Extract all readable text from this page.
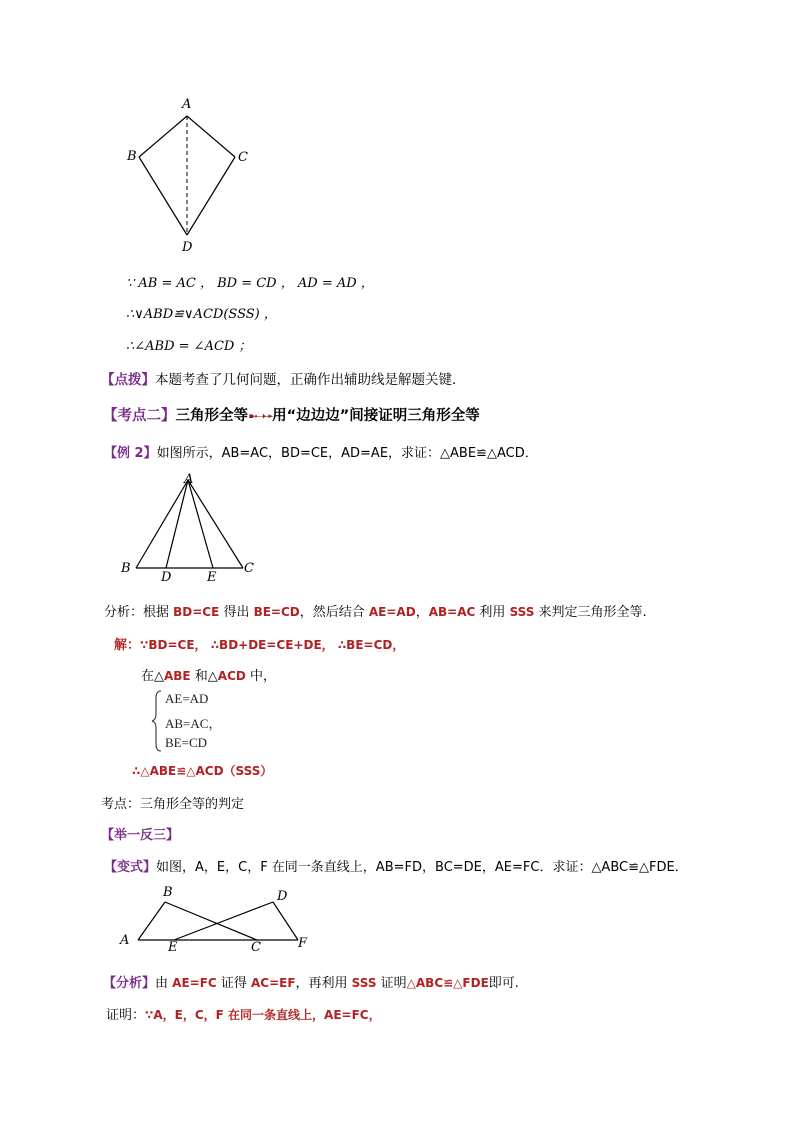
A
B	C
D
∵ AB = AC ， BD = CD ， AD = AD ，
∴∨ABD≌∨ACD(SSS) ，
∴∠ABD = ∠ACD ；
【点拨】本题考查了几何问题，正确作出辅助线是解题关键．
【考点二】三角形全等➼➝➛用“边边边”间接证明三角形全等
【例 2】如图所示，AB=AC，BD=CE，AD=AE，求证：△ABE≌△ACD．
A
B
D	E
C
分析：根据 BD=CE 得出 BE=CD，然后结合 AE=AD，AB=AC 利用 SSS 来判定三角形全等.
解：∵BD=CE， ∴BD+DE=CE+DE， ∴BE=CD，
在△ABE 和△ACD 中，
AE=AD
AB=AC，
BE=CD
∴△ABE≌△ACD（SSS）
考点：三角形全等的判定
【举一反三】
【变式】如图，A，E，C，F 在同一条直线上，AB=FD，BC=DE，AE=FC．求证：△ABC≌△FDE．
B	D
A	E	C	F
【分析】由 AE=FC 证得 AC=EF，再利用 SSS 证明△ABC≌△FDE即可.
证明：∵A，E，C，F 在同一条直线上，AE=FC，
